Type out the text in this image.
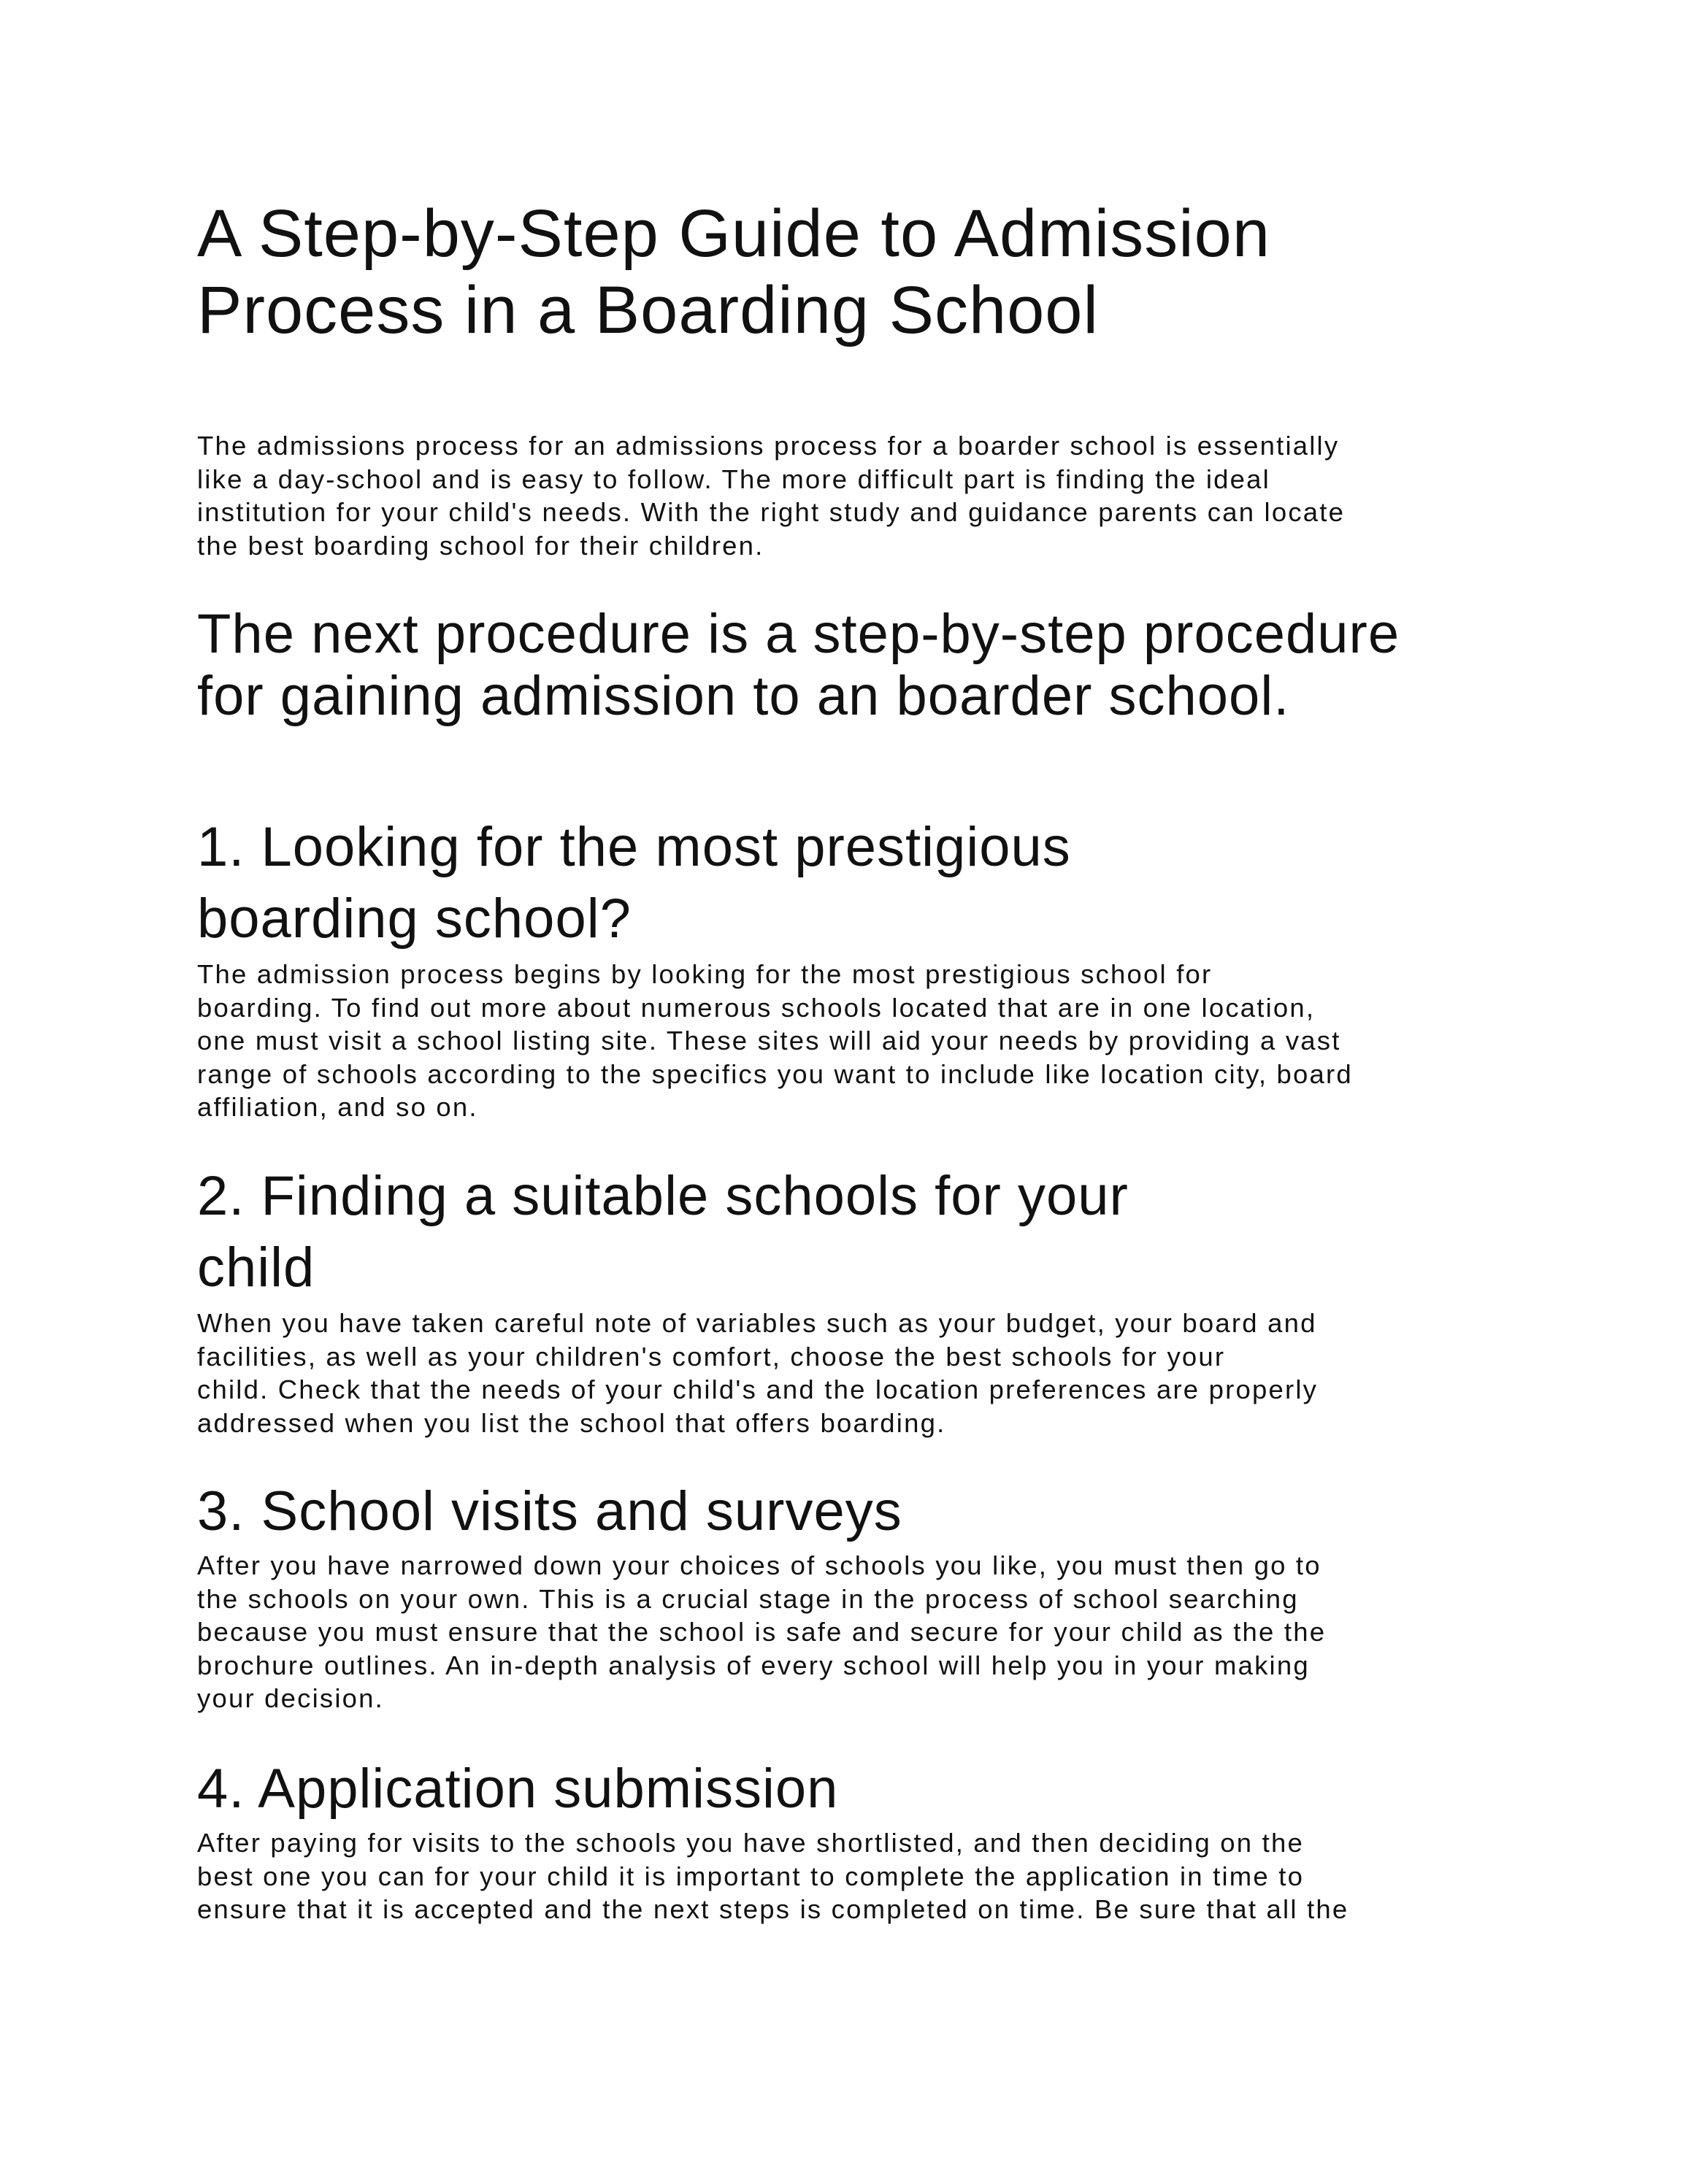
A Step-by-Step Guide to Admission
Process in a Boarding School

The admissions process for an admissions process for a boarder school is essentially
like a day-school and is easy to follow. The more difficult part is finding the ideal
institution for your child's needs. With the right study and guidance parents can locate
the best boarding school for their children.

The next procedure is a step-by-step procedure
for gaining admission to an boarder school.
1. Looking for the most prestigious
boarding school?

The admission process begins by looking for the most prestigious school for
boarding. To find out more about numerous schools located that are in one location,
one must visit a school listing site. These sites will aid your needs by providing a vast
range of schools according to the specifics you want to include like location city, board
affiliation, and so on.

2. Finding a suitable schools for your
child

When you have taken careful note of variables such as your budget, your board and
facilities, as well as your children's comfort, choose the best schools for your
child. Check that the needs of your child's and the location preferences are properly
addressed when you list the school that offers boarding.

3. School visits and surveys

After you have narrowed down your choices of schools you like, you must then go to
the schools on your own. This is a crucial stage in the process of school searching
because you must ensure that the school is safe and secure for your child as the the
brochure outlines. An in-depth analysis of every school will help you in your making
your decision.

4. Application submission

After paying for visits to the schools you have shortlisted, and then deciding on the
best one you can for your child it is important to complete the application in time to
ensure that it is accepted and the next steps is completed on time. Be sure that all the
